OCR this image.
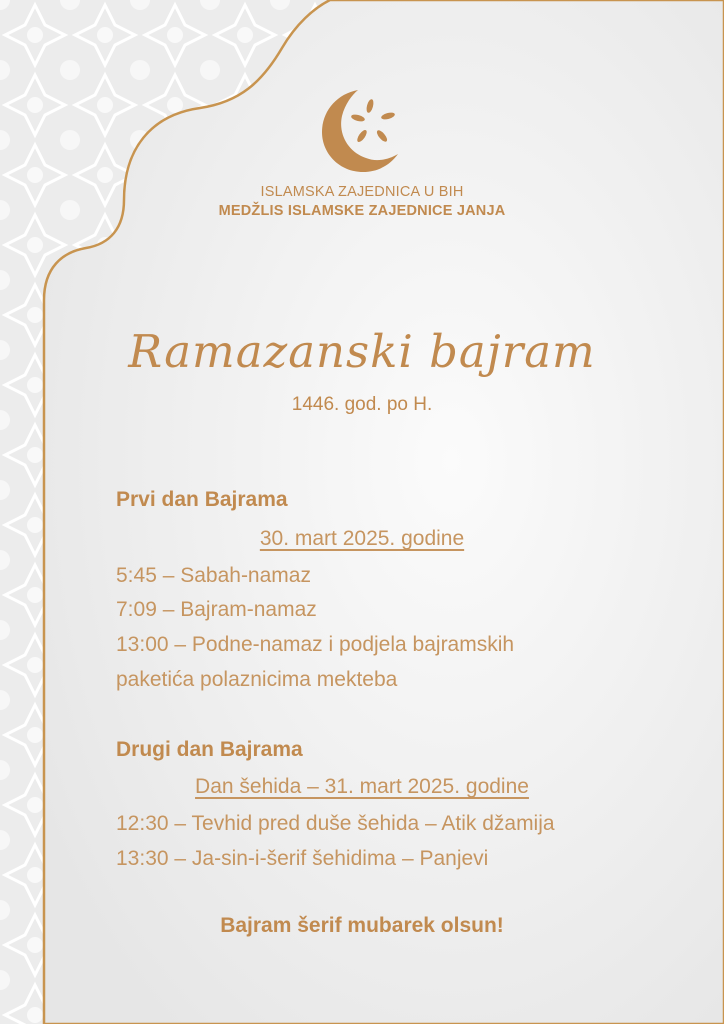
ISLAMSKA ZAJEDNICA U BIH
MEDŽLIS ISLAMSKE ZAJEDNICE JANJA
Ramazanski bajram
1446. god. po H.
Prvi dan Bajrama
30. mart 2025. godine
5:45 – Sabah-namaz
7:09 – Bajram-namaz
13:00 – Podne-namaz i podjela bajramskih
paketića polaznicima mekteba
Drugi dan Bajrama
Dan šehida – 31. mart 2025. godine
12:30 – Tevhid pred duše šehida – Atik džamija
13:30 – Ja-sin-i-šerif šehidima – Panjevi
Bajram šerif mubarek olsun!
